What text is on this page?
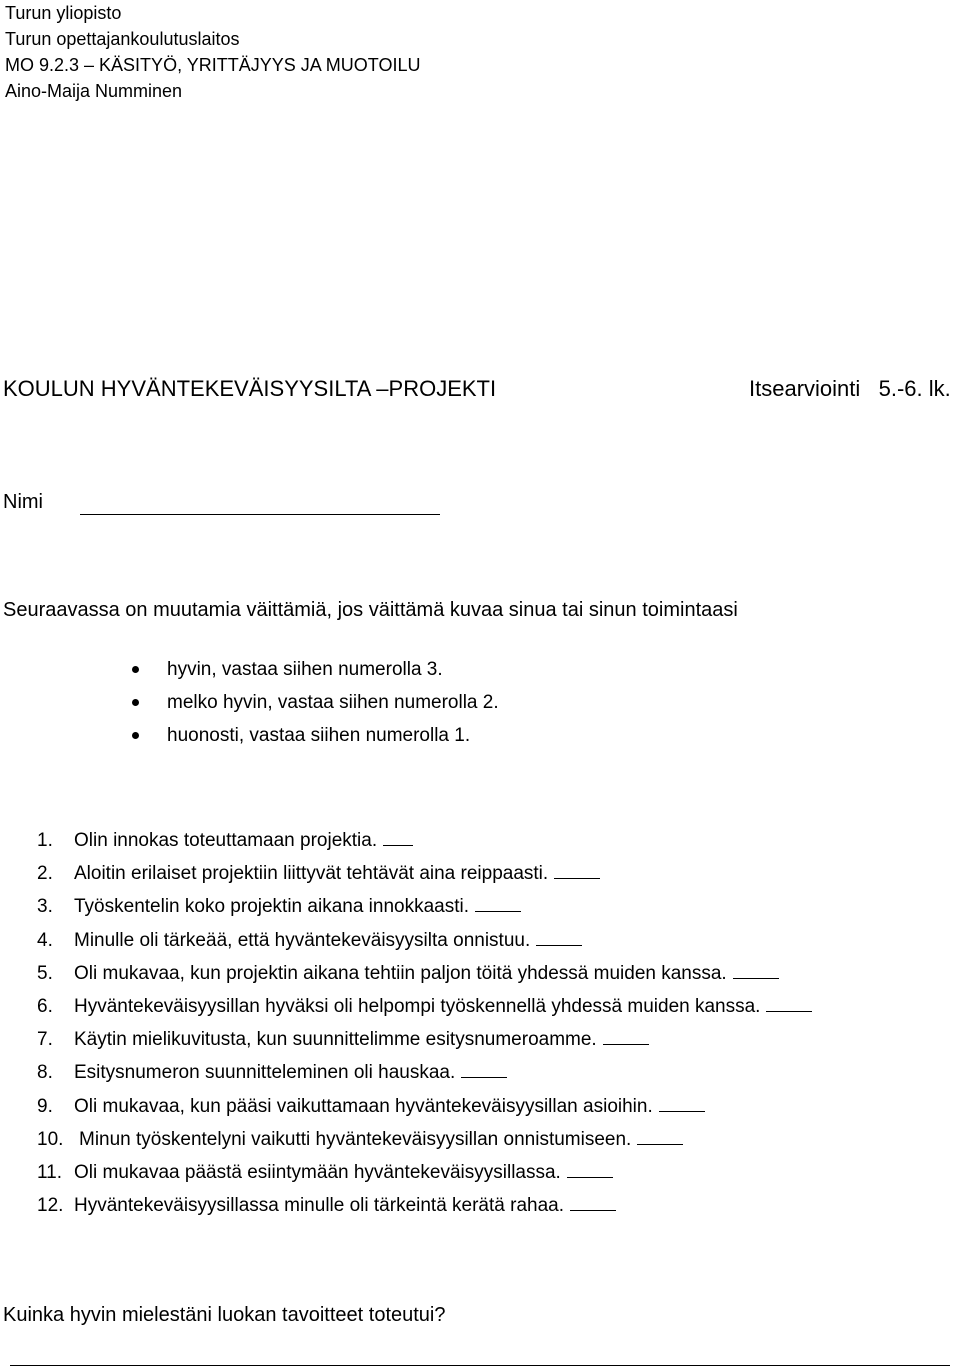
Turun yliopisto
Turun opettajankoulutuslaitos
MO 9.2.3 – KÄSITYÖ, YRITTÄJYYS JA MUOTOILU
Aino-Maija Numminen
KOULUN HYVÄNTEKEVÄISYYSILTA –PROJEKTI	Itsearviointi   5.-6. lk.
Nimi
Seuraavassa on muutamia väittämiä, jos väittämä kuvaa sinua tai sinun toimintaasi
hyvin, vastaa siihen numerolla 3.
melko hyvin, vastaa siihen numerolla 2.
huonosti, vastaa siihen numerolla 1.
1. Olin innokas toteuttamaan projektia.
2. Aloitin erilaiset projektiin liittyvät tehtävät aina reippaasti.
3. Työskentelin koko projektin aikana innokkaasti.
4. Minulle oli tärkeää, että hyväntekeväisyysilta onnistuu.
5. Oli mukavaa, kun projektin aikana tehtiin paljon töitä yhdessä muiden kanssa.
6. Hyväntekeväisyysillan hyväksi oli helpompi työskennellä yhdessä muiden kanssa.
7. Käytin mielikuvitusta, kun suunnittelimme esitysnumeroamme.
8. Esitysnumeron suunnitteleminen oli hauskaa.
9. Oli mukavaa, kun pääsi vaikuttamaan hyväntekeväisyysillan asioihin.
10. Minun työskentelyni vaikutti hyväntekeväisyysillan onnistumiseen.
11. Oli mukavaa päästä esiintymään hyväntekeväisyysillassa.
12. Hyväntekeväisyysillassa minulle oli tärkeintä kerätä rahaa.
Kuinka hyvin mielestäni luokan tavoitteet toteutui?
